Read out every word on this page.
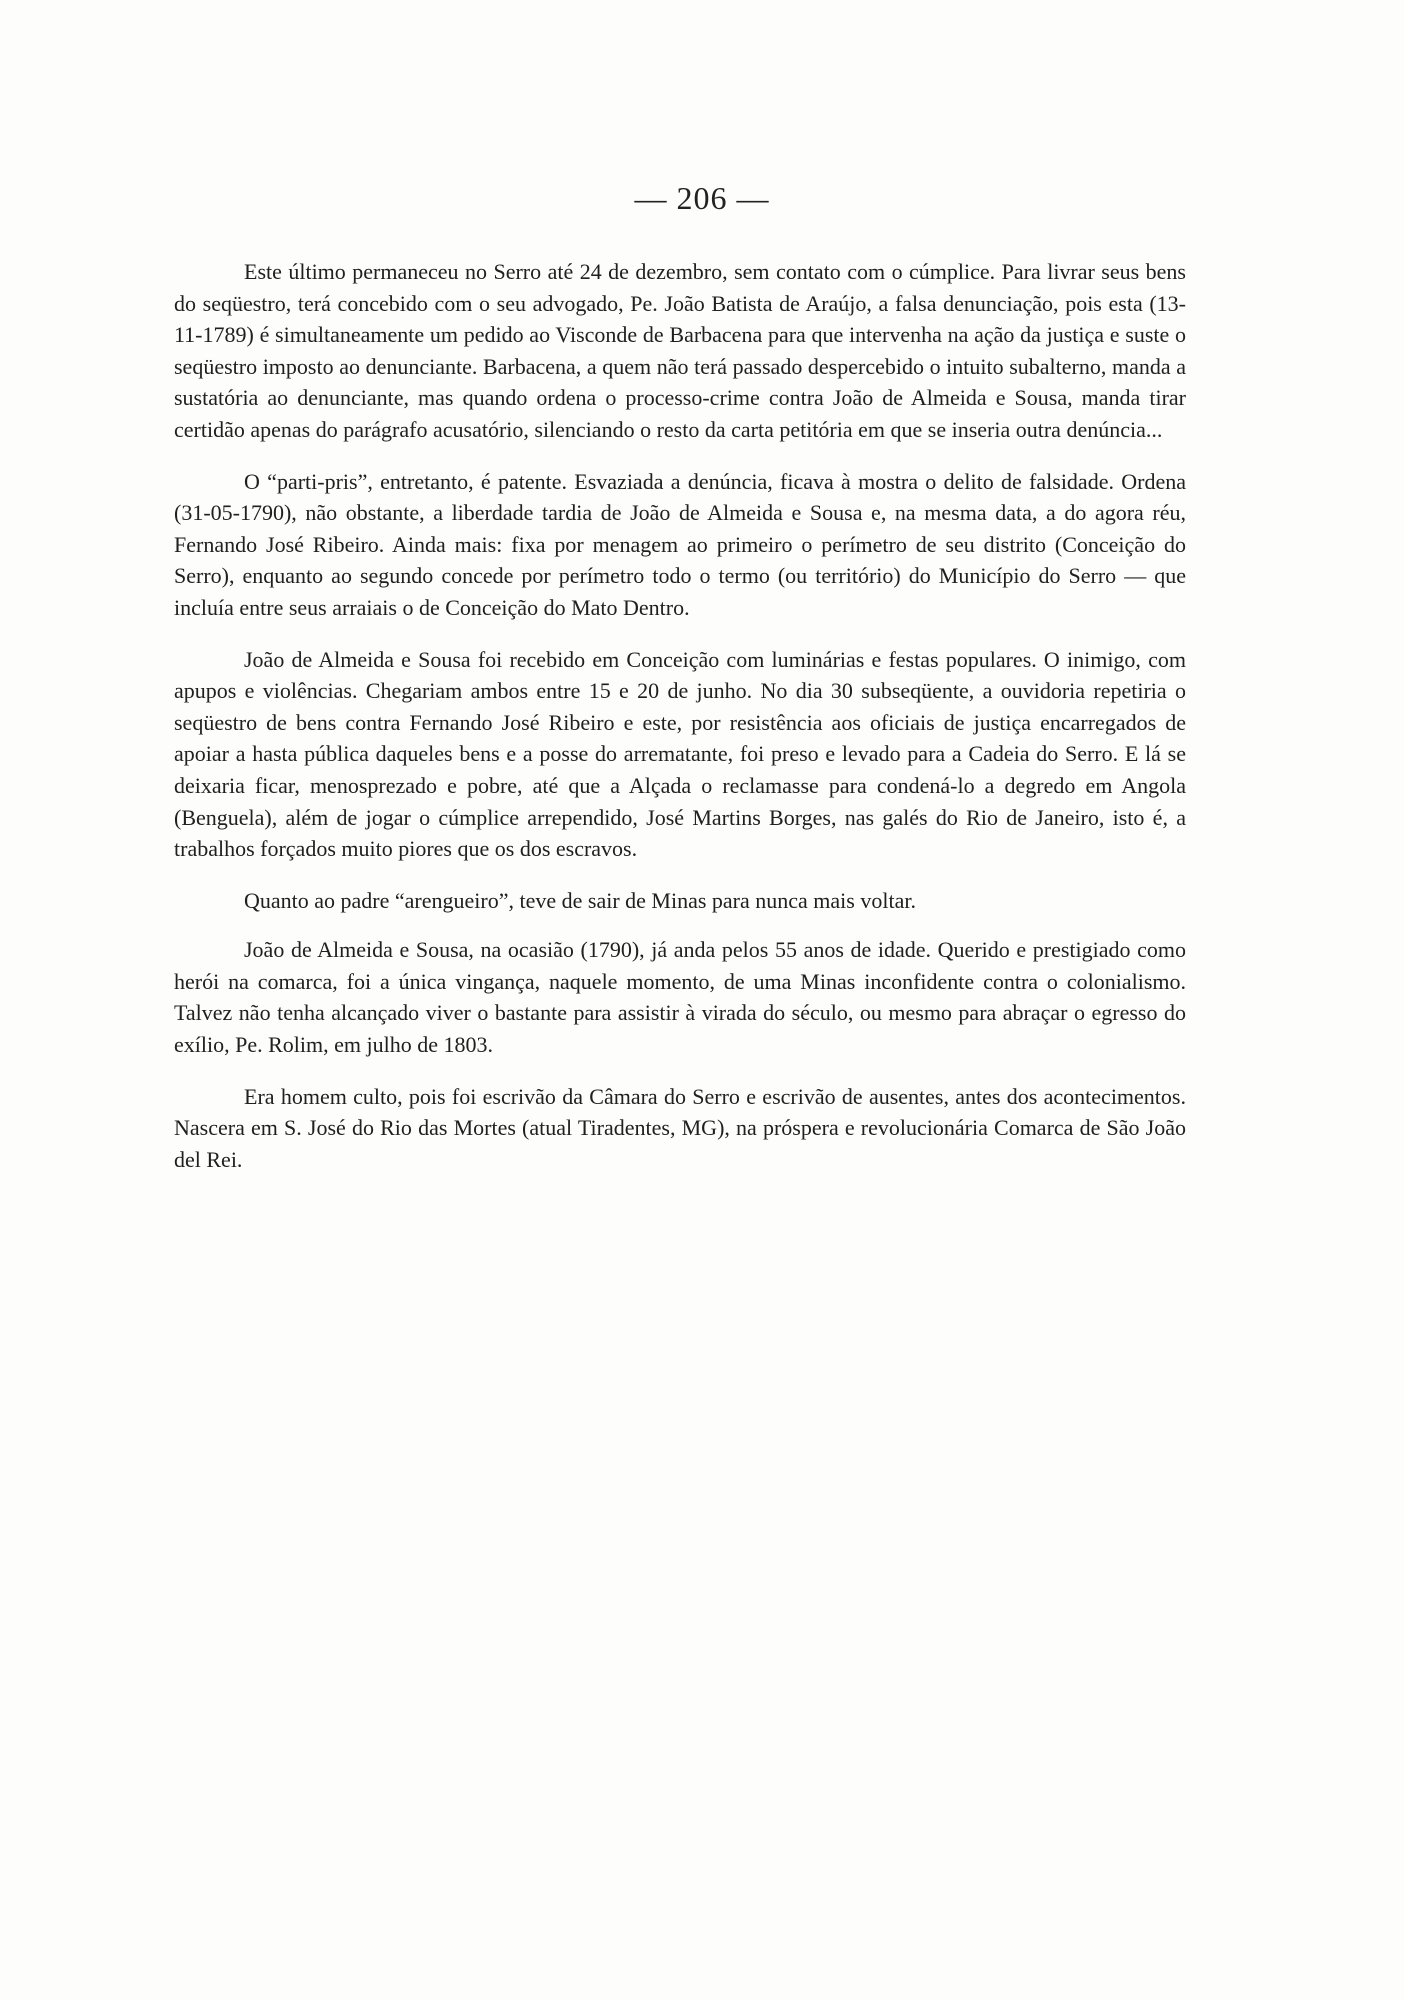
— 206 —

Este último permaneceu no Serro até 24 de dezembro, sem contato com o cúmplice. Para livrar seus bens do seqüestro, terá concebido com o seu advogado, Pe. João Batista de Araújo, a falsa denunciação, pois esta (13-11-1789) é simultaneamente um pedido ao Visconde de Barbacena para que intervenha na ação da justiça e suste o seqüestro imposto ao denunciante. Barbacena, a quem não terá passado despercebido o intuito subalterno, manda a sustatória ao denunciante, mas quando ordena o processo-crime contra João de Almeida e Sousa, manda tirar certidão apenas do parágrafo acusatório, silenciando o resto da carta petitória em que se inseria outra denúncia...

O “parti-pris”, entretanto, é patente. Esvaziada a denúncia, ficava à mostra o delito de falsidade. Ordena (31-05-1790), não obstante, a liberdade tardia de João de Almeida e Sousa e, na mesma data, a do agora réu, Fernando José Ribeiro. Ainda mais: fixa por menagem ao primeiro o perímetro de seu distrito (Conceição do Serro), enquanto ao segundo concede por perímetro todo o termo (ou território) do Município do Serro — que incluía entre seus arraiais o de Conceição do Mato Dentro.

João de Almeida e Sousa foi recebido em Conceição com luminárias e festas populares. O inimigo, com apupos e violências. Chegariam ambos entre 15 e 20 de junho. No dia 30 subseqüente, a ouvidoria repetiria o seqüestro de bens contra Fernando José Ribeiro e este, por resistência aos oficiais de justiça encarregados de apoiar a hasta pública daqueles bens e a posse do arrematante, foi preso e levado para a Cadeia do Serro. E lá se deixaria ficar, menosprezado e pobre, até que a Alçada o reclamasse para condená-lo a degredo em Angola (Benguela), além de jogar o cúmplice arrependido, José Martins Borges, nas galés do Rio de Janeiro, isto é, a trabalhos forçados muito piores que os dos escravos.

Quanto ao padre “arengueiro”, teve de sair de Minas para nunca mais voltar.

João de Almeida e Sousa, na ocasião (1790), já anda pelos 55 anos de idade. Querido e prestigiado como herói na comarca, foi a única vingança, naquele momento, de uma Minas inconfidente contra o colonialismo. Talvez não tenha alcançado viver o bastante para assistir à virada do século, ou mesmo para abraçar o egresso do exílio, Pe. Rolim, em julho de 1803.

Era homem culto, pois foi escrivão da Câmara do Serro e escrivão de ausentes, antes dos acontecimentos. Nascera em S. José do Rio das Mortes (atual Tiradentes, MG), na próspera e revolucionária Comarca de São João del Rei.
